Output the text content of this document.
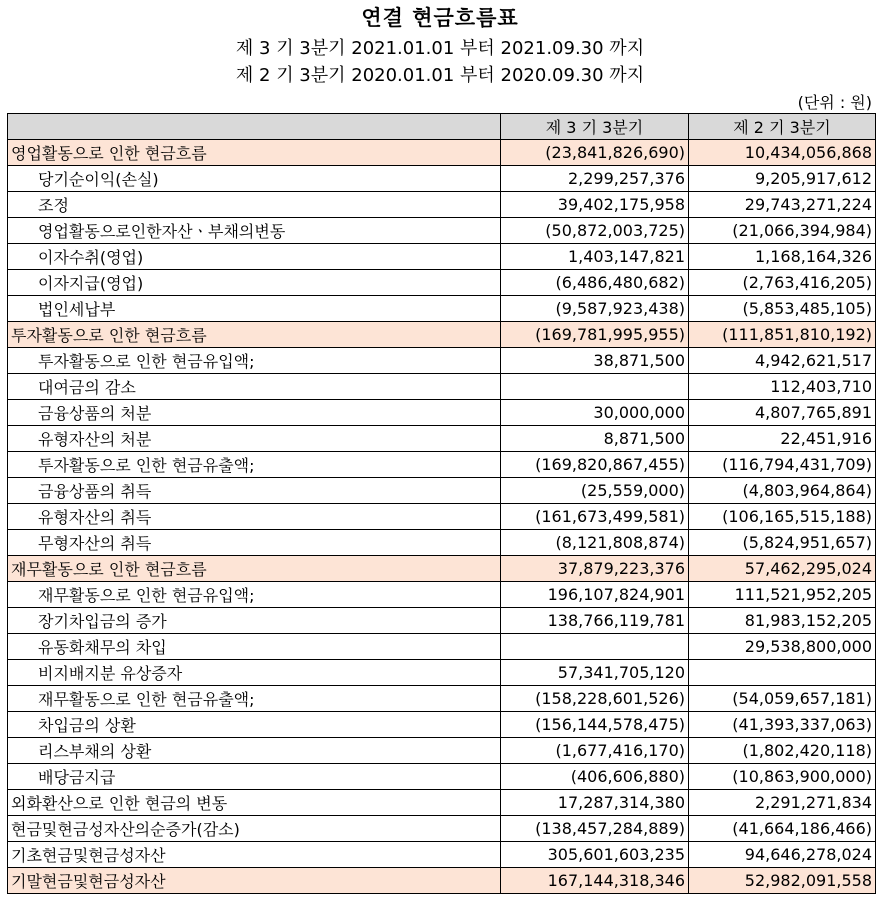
연결 현금흐름표
제 3 기 3분기 2021.01.01 부터 2021.09.30 까지
제 2 기 3분기 2020.01.01 부터 2020.09.30 까지
(단위 : 원)
	제 3 기 3분기	제 2 기 3분기
영업활동으로 인한 현금흐름	(23,841,826,690)	10,434,056,868
당기순이익(손실)	2,299,257,376	9,205,917,612
조정	39,402,175,958	29,743,271,224
영업활동으로인한자산ㆍ부채의변동	(50,872,003,725)	(21,066,394,984)
이자수취(영업)	1,403,147,821	1,168,164,326
이자지급(영업)	(6,486,480,682)	(2,763,416,205)
법인세납부	(9,587,923,438)	(5,853,485,105)
투자활동으로 인한 현금흐름	(169,781,995,955)	(111,851,810,192)
투자활동으로 인한 현금유입액;	38,871,500	4,942,621,517
대여금의 감소		112,403,710
금융상품의 처분	30,000,000	4,807,765,891
유형자산의 처분	8,871,500	22,451,916
투자활동으로 인한 현금유출액;	(169,820,867,455)	(116,794,431,709)
금융상품의 취득	(25,559,000)	(4,803,964,864)
유형자산의 취득	(161,673,499,581)	(106,165,515,188)
무형자산의 취득	(8,121,808,874)	(5,824,951,657)
재무활동으로 인한 현금흐름	37,879,223,376	57,462,295,024
재무활동으로 인한 현금유입액;	196,107,824,901	111,521,952,205
장기차입금의 증가	138,766,119,781	81,983,152,205
유동화채무의 차입		29,538,800,000
비지배지분 유상증자	57,341,705,120	
재무활동으로 인한 현금유출액;	(158,228,601,526)	(54,059,657,181)
차입금의 상환	(156,144,578,475)	(41,393,337,063)
리스부채의 상환	(1,677,416,170)	(1,802,420,118)
배당금지급	(406,606,880)	(10,863,900,000)
외화환산으로 인한 현금의 변동	17,287,314,380	2,291,271,834
현금및현금성자산의순증가(감소)	(138,457,284,889)	(41,664,186,466)
기초현금및현금성자산	305,601,603,235	94,646,278,024
기말현금및현금성자산	167,144,318,346	52,982,091,558
